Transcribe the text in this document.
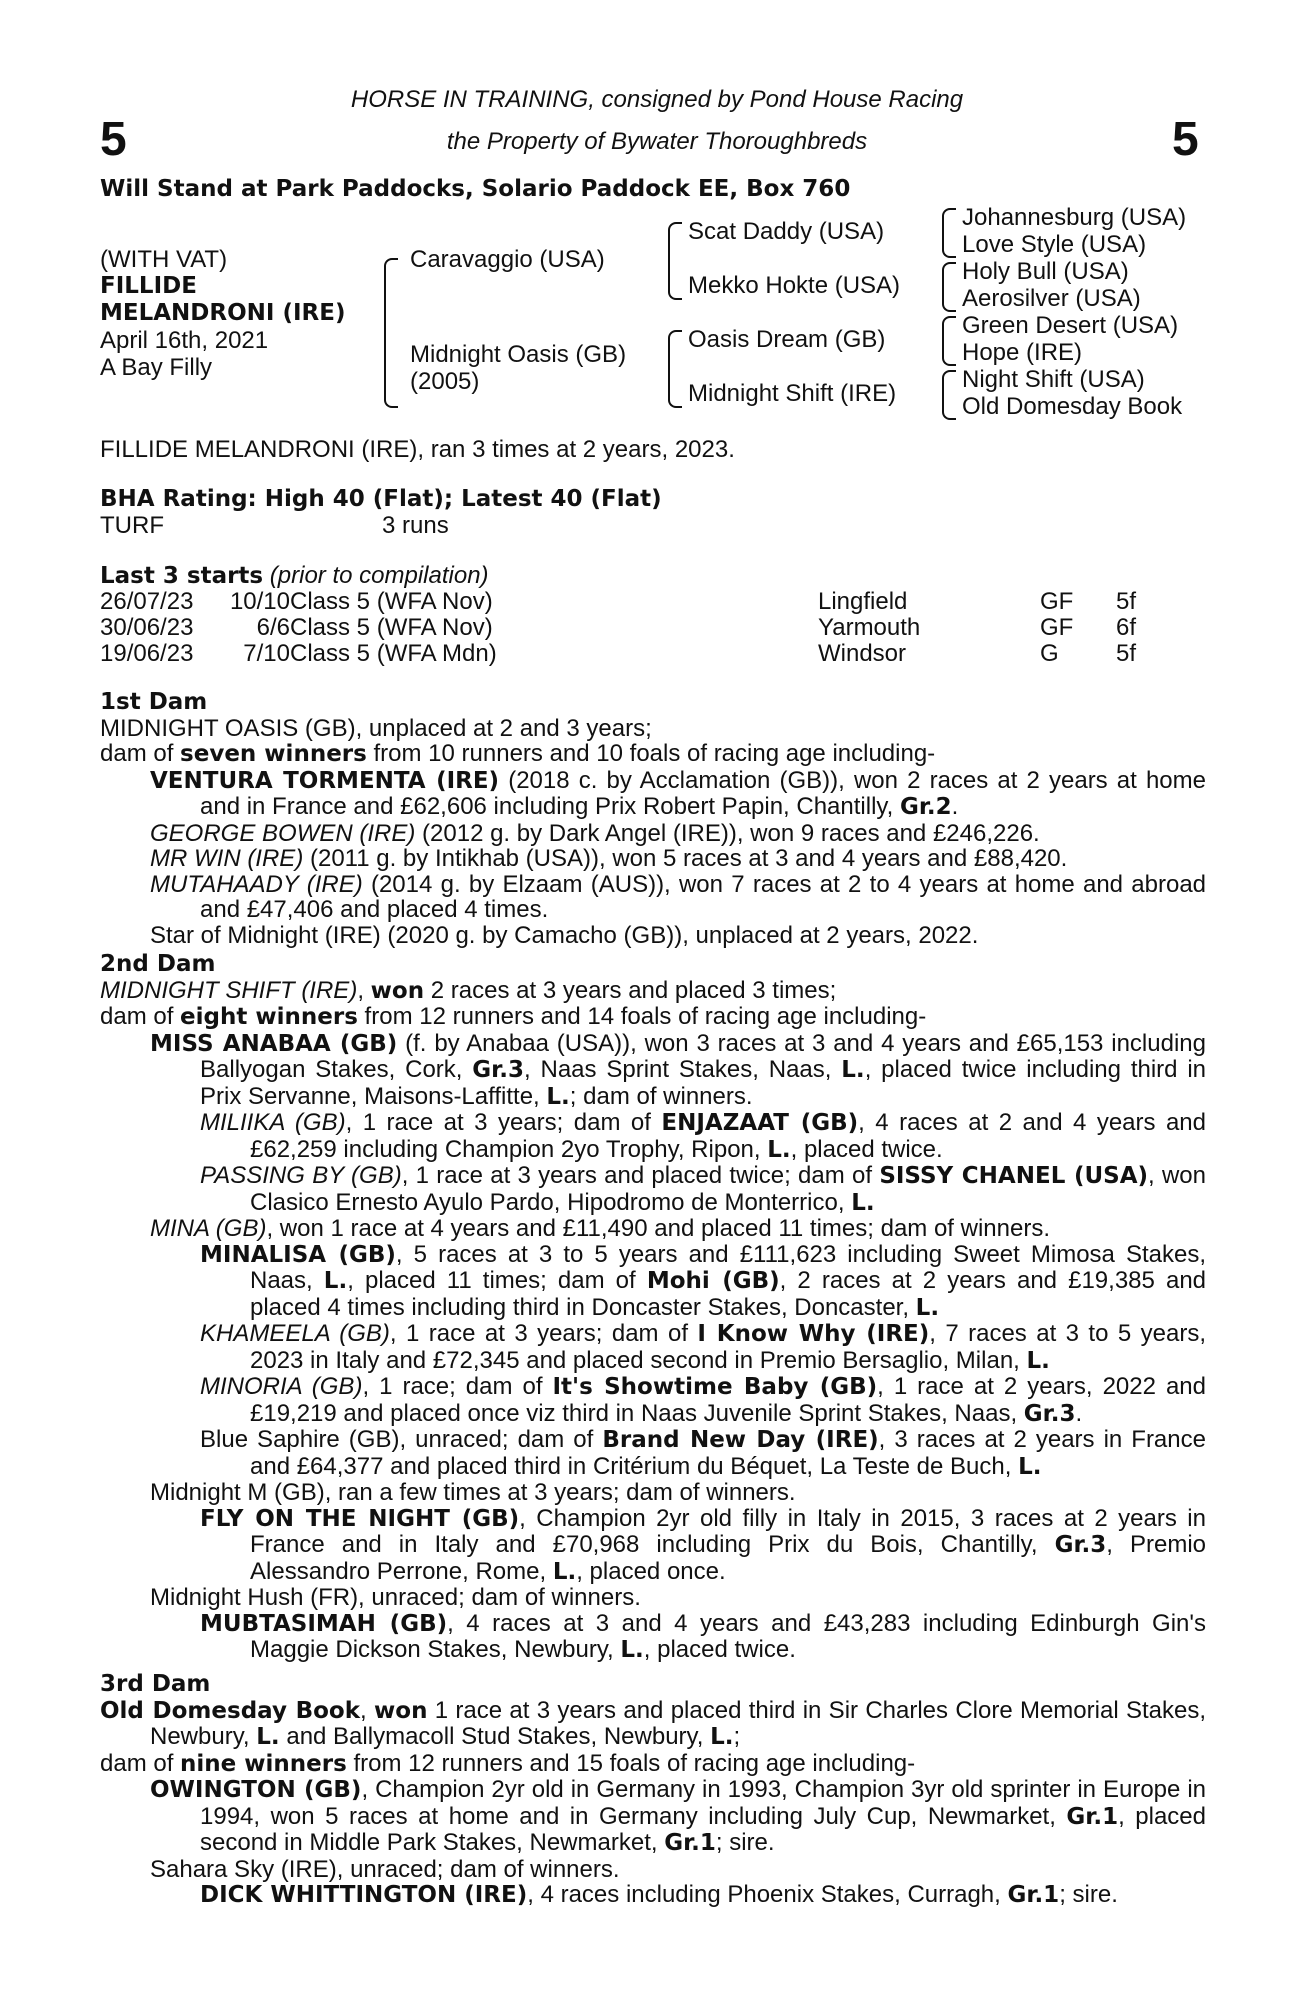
5	5
HORSE IN TRAINING, consigned by Pond House Racing
the Property of Bywater Thoroughbreds
Will Stand at Park Paddocks, Solario Paddock EE, Box 760
(WITH VAT)
FILLIDE
MELANDRONI (IRE)
April 16th, 2021
A Bay Filly
Caravaggio (USA)
Midnight Oasis (GB)
(2005)
Scat Daddy (USA)
Mekko Hokte (USA)
Oasis Dream (GB)
Midnight Shift (IRE)
Johannesburg (USA)
Love Style (USA)
Holy Bull (USA)
Aerosilver (USA)
Green Desert (USA)
Hope (IRE)
Night Shift (USA)
Old Domesday Book
FILLIDE MELANDRONI (IRE), ran 3 times at 2 years, 2023.
BHA Rating: High 40 (Flat); Latest 40 (Flat)
TURF	3 runs
Last 3 starts (prior to compilation)
26/07/23	10/10 Class 5 (WFA Nov)	Lingfield	GF 5f
30/06/23	6/6 Class 5 (WFA Nov)	Yarmouth	GF 6f
19/06/23	7/10 Class 5 (WFA Mdn)	Windsor	G 5f

1st Dam

MIDNIGHT OASIS (GB), unplaced at 2 and 3 years;

dam of seven winners from 10 runners and 10 foals of racing age including-

VENTURA TORMENTA (IRE) (2018 c. by Acclamation (GB)), won 2 races at 2 years at home and in France and £62,606 including Prix Robert Papin, Chantilly, Gr.2.

GEORGE BOWEN (IRE) (2012 g. by Dark Angel (IRE)), won 9 races and £246,226.

MR WIN (IRE) (2011 g. by Intikhab (USA)), won 5 races at 3 and 4 years and £88,420.

MUTAHAADY (IRE) (2014 g. by Elzaam (AUS)), won 7 races at 2 to 4 years at home and abroad and £47,406 and placed 4 times.

Star of Midnight (IRE) (2020 g. by Camacho (GB)), unplaced at 2 years, 2022.

2nd Dam

MIDNIGHT SHIFT (IRE), won 2 races at 3 years and placed 3 times;

dam of eight winners from 12 runners and 14 foals of racing age including-

MISS ANABAA (GB) (f. by Anabaa (USA)), won 3 races at 3 and 4 years and £65,153 including Ballyogan Stakes, Cork, Gr.3, Naas Sprint Stakes, Naas, L., placed twice including third in Prix Servanne, Maisons-Laffitte, L.; dam of winners.

MILIIKA (GB), 1 race at 3 years; dam of ENJAZAAT (GB), 4 races at 2 and 4 years and £62,259 including Champion 2yo Trophy, Ripon, L., placed twice.

PASSING BY (GB), 1 race at 3 years and placed twice; dam of SISSY CHANEL (USA), won Clasico Ernesto Ayulo Pardo, Hipodromo de Monterrico, L.

MINA (GB), won 1 race at 4 years and £11,490 and placed 11 times; dam of winners.

MINALISA (GB), 5 races at 3 to 5 years and £111,623 including Sweet Mimosa Stakes, Naas, L., placed 11 times; dam of Mohi (GB), 2 races at 2 years and £19,385 and placed 4 times including third in Doncaster Stakes, Doncaster, L.

KHAMEELA (GB), 1 race at 3 years; dam of I Know Why (IRE), 7 races at 3 to 5 years, 2023 in Italy and £72,345 and placed second in Premio Bersaglio, Milan, L.

MINORIA (GB), 1 race; dam of It's Showtime Baby (GB), 1 race at 2 years, 2022 and £19,219 and placed once viz third in Naas Juvenile Sprint Stakes, Naas, Gr.3.

Blue Saphire (GB), unraced; dam of Brand New Day (IRE), 3 races at 2 years in France and £64,377 and placed third in Critérium du Béquet, La Teste de Buch, L.

Midnight M (GB), ran a few times at 3 years; dam of winners.

FLY ON THE NIGHT (GB), Champion 2yr old filly in Italy in 2015, 3 races at 2 years in France and in Italy and £70,968 including Prix du Bois, Chantilly, Gr.3, Premio Alessandro Perrone, Rome, L., placed once.

Midnight Hush (FR), unraced; dam of winners.

MUBTASIMAH (GB), 4 races at 3 and 4 years and £43,283 including Edinburgh Gin's Maggie Dickson Stakes, Newbury, L., placed twice.

3rd Dam

Old Domesday Book, won 1 race at 3 years and placed third in Sir Charles Clore Memorial Stakes, Newbury, L. and Ballymacoll Stud Stakes, Newbury, L.;

dam of nine winners from 12 runners and 15 foals of racing age including-

OWINGTON (GB), Champion 2yr old in Germany in 1993, Champion 3yr old sprinter in Europe in 1994, won 5 races at home and in Germany including July Cup, Newmarket, Gr.1, placed second in Middle Park Stakes, Newmarket, Gr.1; sire.

Sahara Sky (IRE), unraced; dam of winners.

DICK WHITTINGTON (IRE), 4 races including Phoenix Stakes, Curragh, Gr.1; sire.
